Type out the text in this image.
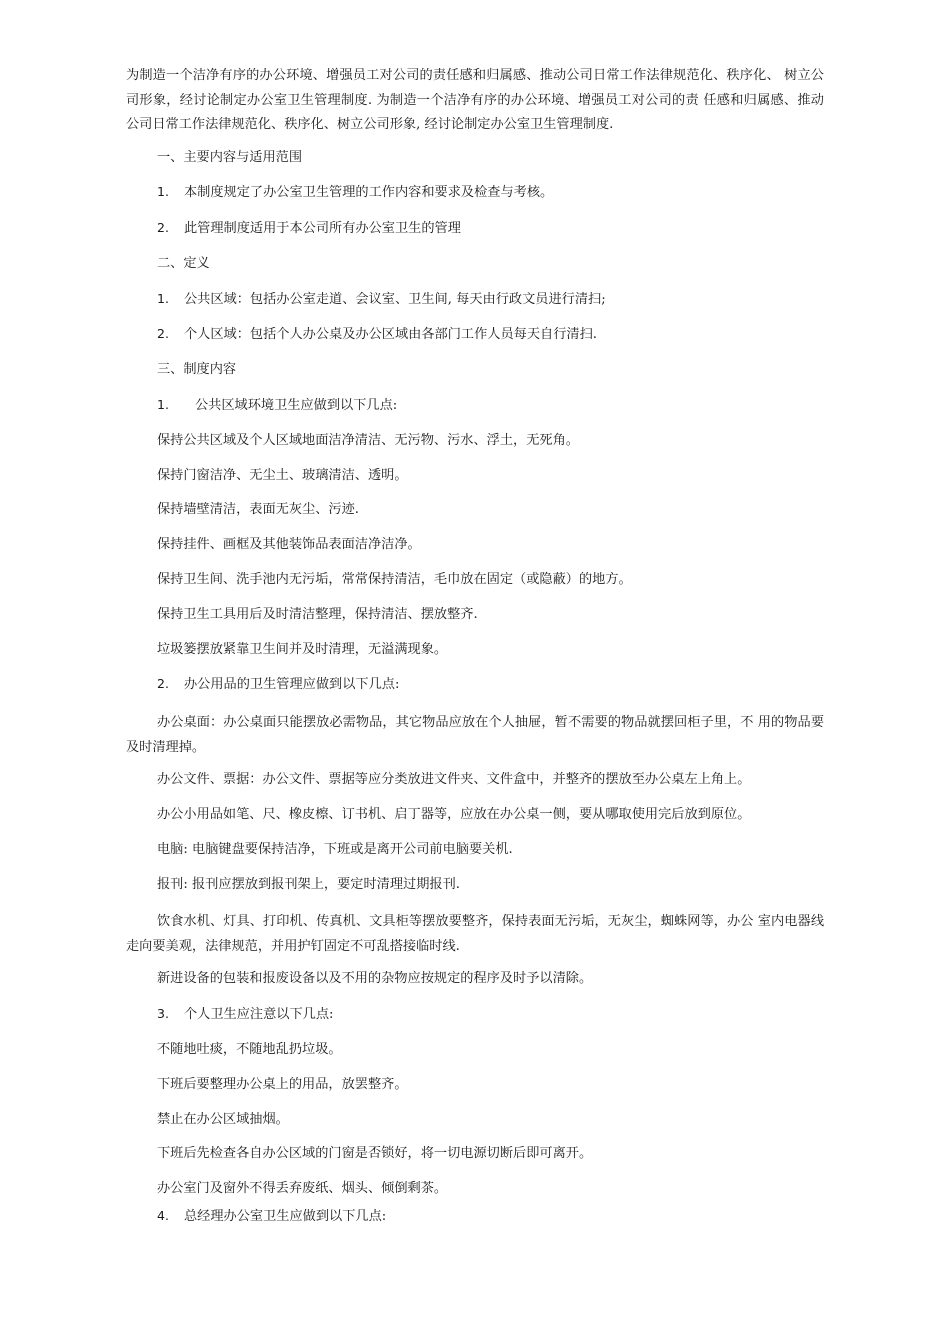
为制造一个洁净有序的办公环境、增强员工对公司的责任感和归属感、推动公司日常工作法律规范化、秩序化、 树立公司形象，经讨论制定办公室卫生管理制度. 为制造一个洁净有序的办公环境、增强员工对公司的责 任感和归属感、推动公司日常工作法律规范化、秩序化、树立公司形象, 经讨论制定办公室卫生管理制度.

一、主要内容与适用范围
1. 本制度规定了办公室卫生管理的工作内容和要求及检查与考核。
2. 此管理制度适用于本公司所有办公室卫生的管理
二、定义
1. 公共区域：包括办公室走道、会议室、卫生间, 每天由行政文员进行清扫;
2. 个人区域：包括个人办公桌及办公区域由各部门工作人员每天自行清扫.
三、制度内容
1. 公共区域环境卫生应做到以下几点:
保持公共区域及个人区域地面洁净清洁、无污物、污水、浮土，无死角。
保持门窗洁净、无尘土、玻璃清洁、透明。
保持墙壁清洁，表面无灰尘、污迹.
保持挂件、画框及其他装饰品表面洁净洁净。
保持卫生间、洗手池内无污垢，常常保持清洁，毛巾放在固定（或隐蔽）的地方。
保持卫生工具用后及时清洁整理，保持清洁、摆放整齐.
垃圾篓摆放紧靠卫生间并及时清理，无溢满现象。
2. 办公用品的卫生管理应做到以下几点:

办公桌面：办公桌面只能摆放必需物品，其它物品应放在个人抽屉，暂不需要的物品就摆回柜子里，不 用的物品要及时清理掉。

办公文件、票据：办公文件、票据等应分类放进文件夹、文件盒中，并整齐的摆放至办公桌左上角上。
办公小用品如笔、尺、橡皮檫、订书机、启丁器等，应放在办公桌一侧，要从哪取使用完后放到原位。
电脑: 电脑键盘要保持洁净，下班或是离开公司前电脑要关机.
报刊: 报刊应摆放到报刊架上，要定时清理过期报刊.

饮食水机、灯具、打印机、传真机、文具柜等摆放要整齐，保持表面无污垢，无灰尘，蜘蛛网等，办公 室内电器线走向要美观，法律规范，并用护钉固定不可乱搭接临时线.

新进设备的包装和报废设备以及不用的杂物应按规定的程序及时予以清除。
3. 个人卫生应注意以下几点:
不随地吐痰，不随地乱扔垃圾。
下班后要整理办公桌上的用品，放罢整齐。
禁止在办公区域抽烟。
下班后先检查各自办公区域的门窗是否锁好，将一切电源切断后即可离开。
办公室门及窗外不得丢弃废纸、烟头、倾倒剩茶。
4. 总经理办公室卫生应做到以下几点:
